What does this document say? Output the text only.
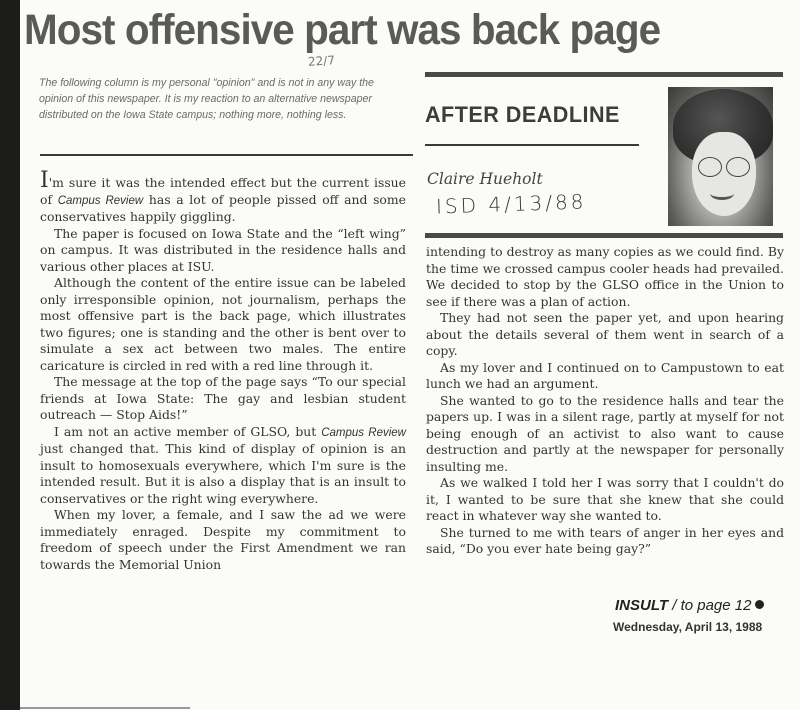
Most offensive part was back page
22/7
The following column is my personal "opinion" and is not in any way the opinion of this newspaper. It is my reaction to an alternative newspaper distributed on the Iowa State campus; nothing more, nothing less.	AFTER DEADLINE
Claire Hueholt
ISD 4/13/88

I'm sure it was the intended effect but the current issue of Campus Review has a lot of people pissed off and some conservatives happily giggling.

The paper is focused on Iowa State and the “left wing” on campus. It was distributed in the residence halls and various other places at ISU.

Although the content of the entire issue can be labeled only irresponsible opinion, not journalism, perhaps the most offensive part is the back page, which illustrates two figures; one is standing and the other is bent over to simulate a sex act between two males. The entire caricature is circled in red with a red line through it.

The message at the top of the page says “To our special friends at Iowa State: The gay and lesbian student outreach — Stop Aids!”

I am not an active member of GLSO, but Campus Review just changed that. This kind of display of opinion is an insult to homosexuals everywhere, which I'm sure is the intended result. But it is also a display that is an insult to conservatives or the right wing everywhere.

When my lover, a female, and I saw the ad we were immediately enraged. Despite my commitment to freedom of speech under the First Amendment we ran towards the Memorial Union

intending to destroy as many copies as we could find. By the time we crossed campus cooler heads had prevailed. We decided to stop by the GLSO office in the Union to see if there was a plan of action.

They had not seen the paper yet, and upon hearing about the details several of them went in search of a copy.

As my lover and I continued on to Campustown to eat lunch we had an argument.

She wanted to go to the residence halls and tear the papers up. I was in a silent rage, partly at myself for not being enough of an activist to also want to cause destruction and partly at the newspaper for personally insulting me.

As we walked I told her I was sorry that I couldn't do it, I wanted to be sure that she knew that she could react in whatever way she wanted to.

She turned to me with tears of anger in her eyes and said, “Do you ever hate being gay?”

INSULT / to page 12
Wednesday, April 13, 1988
